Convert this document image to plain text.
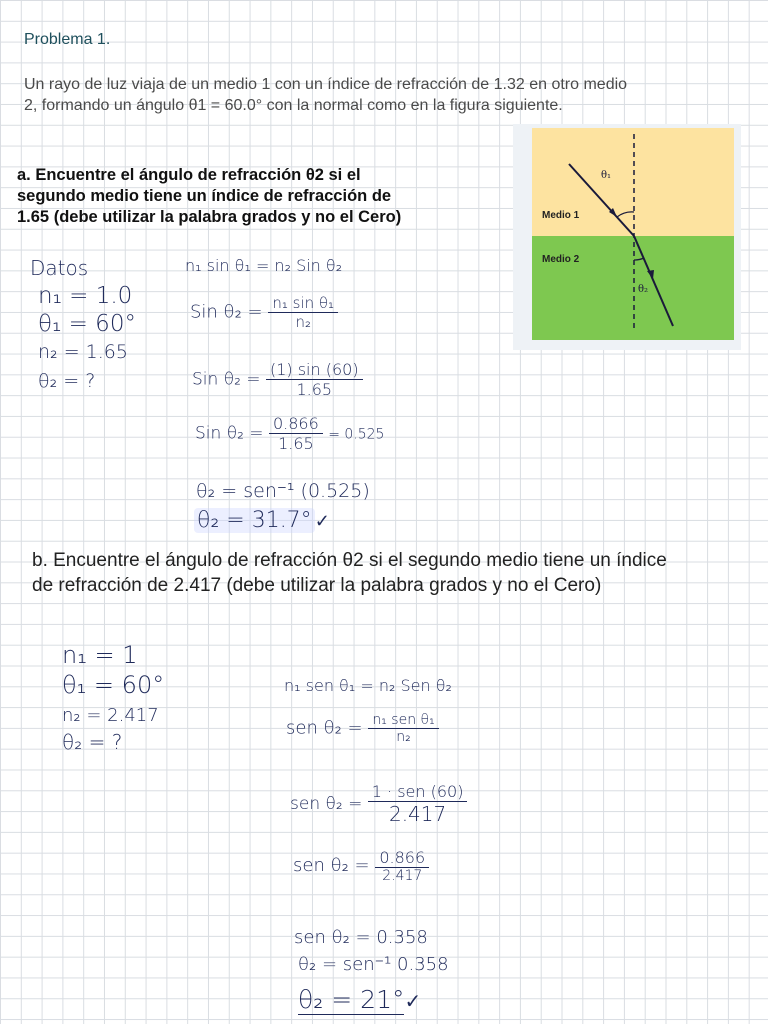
Problema 1.
Un rayo de luz viaja de un medio 1 con un índice de refracción de 1.32 en otro medio
2, formando un ángulo θ1 = 60.0° con la normal como en la figura siguiente.
a. Encuentre el ángulo de refracción θ2 si el
segundo medio tiene un índice de refracción de
1.65 (debe utilizar la palabra grados y no el Cero)
θ₁
θ₂
Medio 1
Medio 2
Datos
n₁ = 1.0
θ₁ = 60°
n₂ = 1.65
θ₂ = ?
n₁ sin θ₁ = n₂ Sin θ₂
Sin $\theta_2 = \frac{\text{n₁ sin θ₁}}{\text{n₂}}$
Sin $\theta_2 = \frac{(1) \sin (60)}{1.65}$
Sin $\theta_2 = \frac{0.866}{1.65} = 0.525$
θ₂ = sen⁻¹ (0.525)
θ₂ = 31.7° ✓
b. Encuentre el ángulo de refracción θ2 si el segundo medio tiene un índice
de refracción de 2.417 (debe utilizar la palabra grados y no el Cero)
n₁ = 1
θ₁ = 60°
n₂ = 2.417
θ₂ = ?
n₁ sen θ₁ = n₂ Sen θ₂
sen $\theta_2 = \frac{\text{n₁ sen θ₁}}{\text{n₂}}$
sen $\theta_2 = \frac{\text{1 · sen (60)}}{2.417}$
sen $\theta_2 = \frac{0.866}{2.417}$
sen θ₂ = 0.358
θ₂ = sen⁻¹ 0.358
θ₂ = 21°✓
